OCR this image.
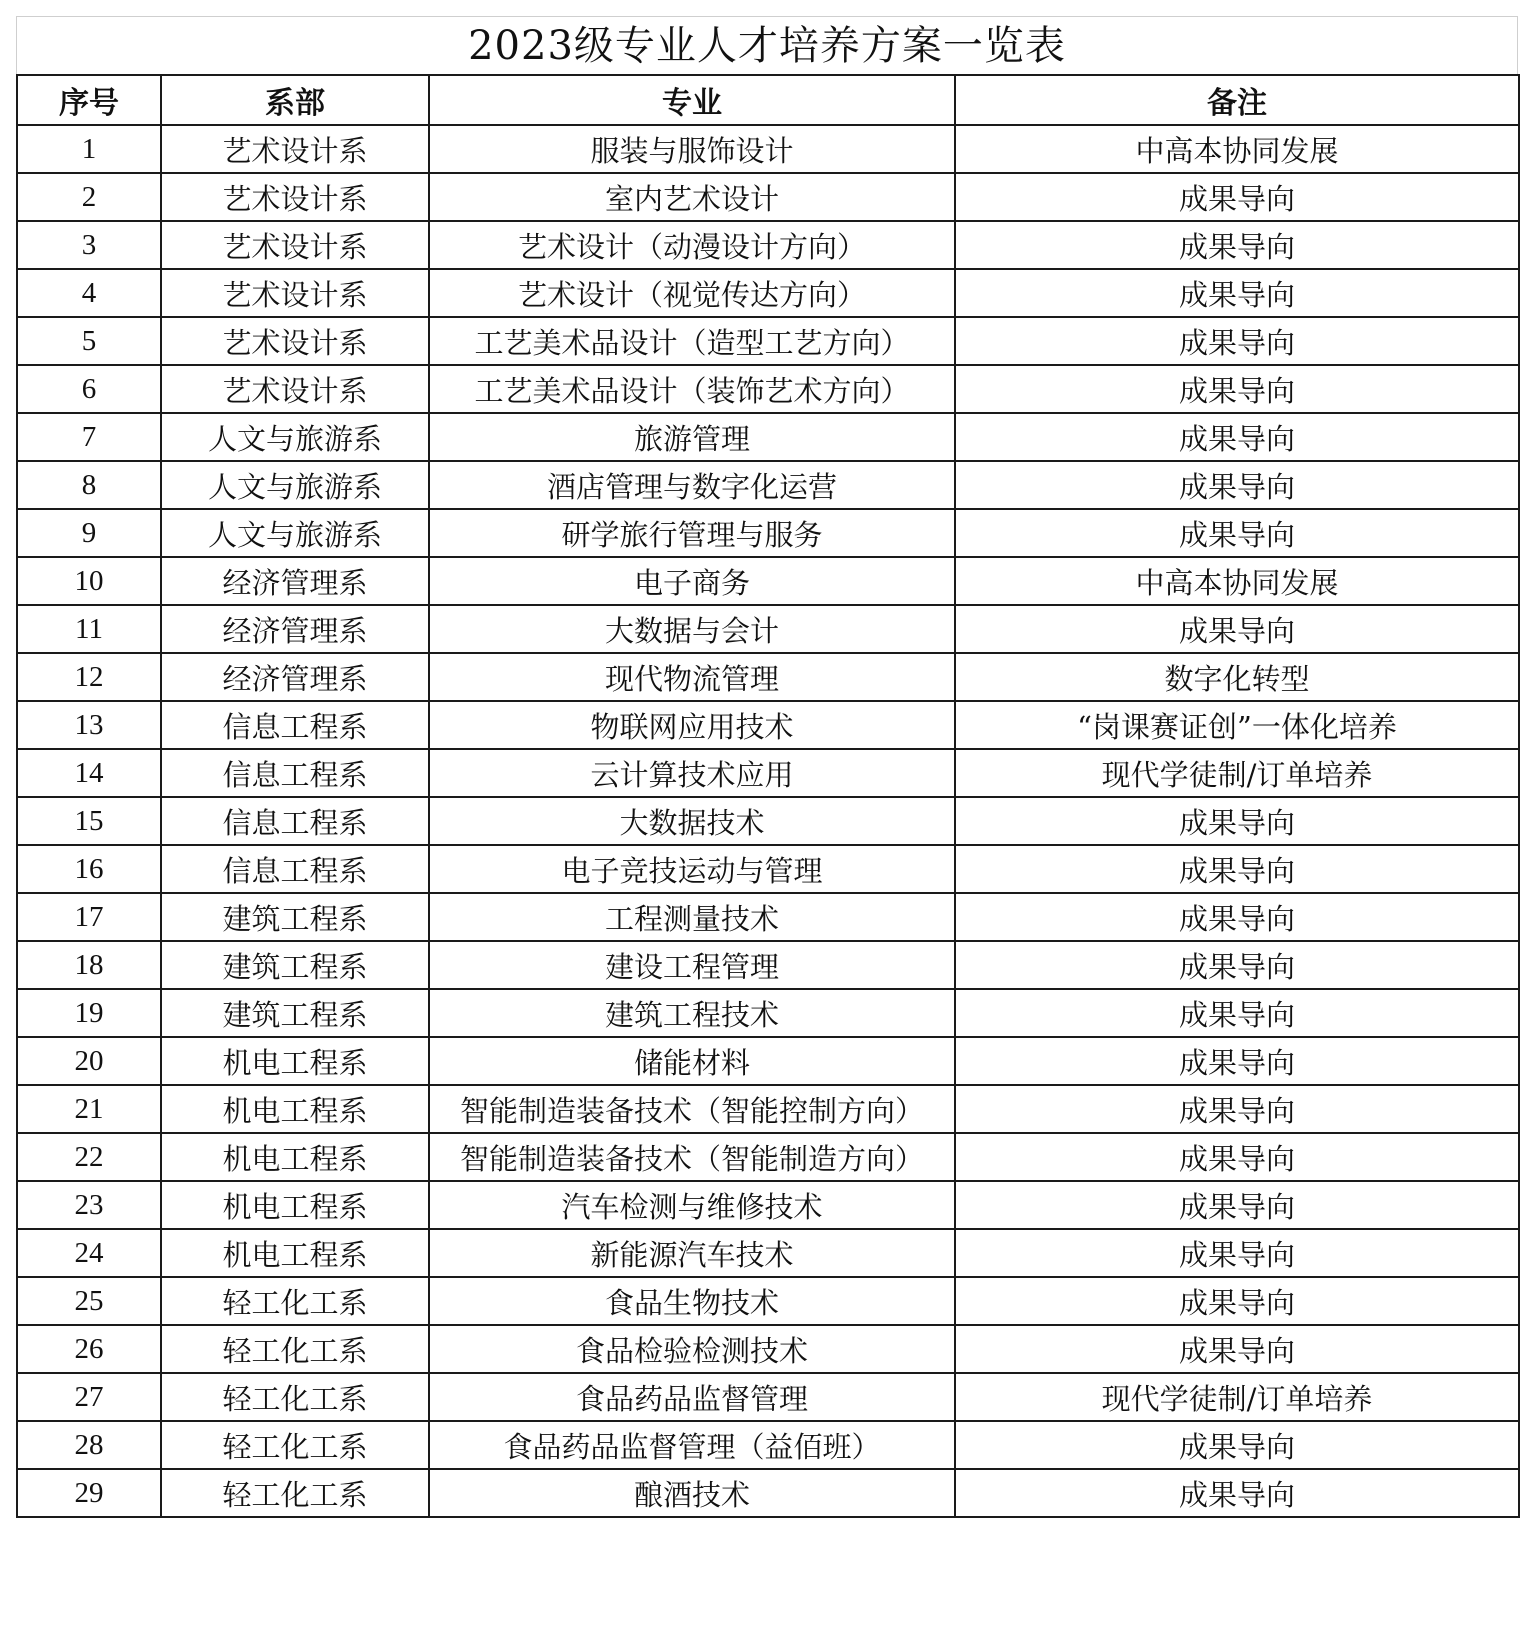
2023级专业人才培养方案一览表
序号	系部	专业	备注
1	艺术设计系	服装与服饰设计	中高本协同发展
2	艺术设计系	室内艺术设计	成果导向
3	艺术设计系	艺术设计（动漫设计方向）	成果导向
4	艺术设计系	艺术设计（视觉传达方向）	成果导向
5	艺术设计系	工艺美术品设计（造型工艺方向）	成果导向
6	艺术设计系	工艺美术品设计（装饰艺术方向）	成果导向
7	人文与旅游系	旅游管理	成果导向
8	人文与旅游系	酒店管理与数字化运营	成果导向
9	人文与旅游系	研学旅行管理与服务	成果导向
10	经济管理系	电子商务	中高本协同发展
11	经济管理系	大数据与会计	成果导向
12	经济管理系	现代物流管理	数字化转型
13	信息工程系	物联网应用技术	“岗课赛证创”一体化培养
14	信息工程系	云计算技术应用	现代学徒制/订单培养
15	信息工程系	大数据技术	成果导向
16	信息工程系	电子竞技运动与管理	成果导向
17	建筑工程系	工程测量技术	成果导向
18	建筑工程系	建设工程管理	成果导向
19	建筑工程系	建筑工程技术	成果导向
20	机电工程系	储能材料	成果导向
21	机电工程系	智能制造装备技术（智能控制方向）	成果导向
22	机电工程系	智能制造装备技术（智能制造方向）	成果导向
23	机电工程系	汽车检测与维修技术	成果导向
24	机电工程系	新能源汽车技术	成果导向
25	轻工化工系	食品生物技术	成果导向
26	轻工化工系	食品检验检测技术	成果导向
27	轻工化工系	食品药品监督管理	现代学徒制/订单培养
28	轻工化工系	食品药品监督管理（益佰班）	成果导向
29	轻工化工系	酿酒技术	成果导向
